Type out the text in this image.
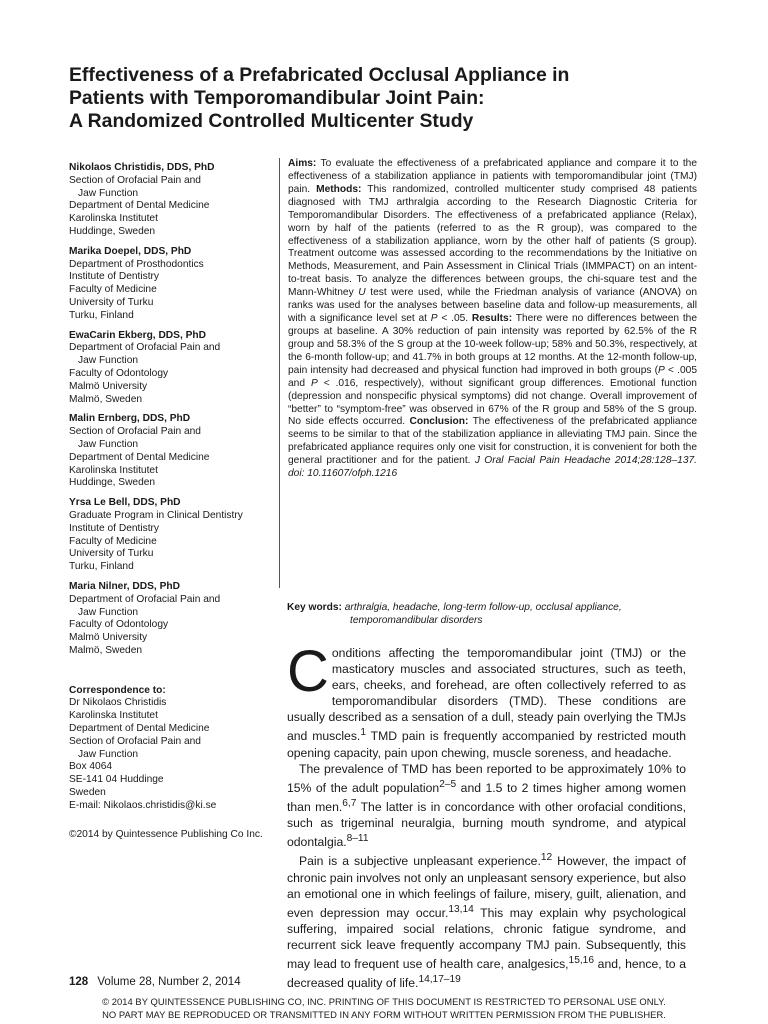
Effectiveness of a Prefabricated Occlusal Appliance in
Patients with Temporomandibular Joint Pain:
A Randomized Controlled Multicenter Study
Nikolaos Christidis, DDS, PhD
Section of Orofacial Pain and
Jaw Function
Department of Dental Medicine
Karolinska Institutet
Huddinge, Sweden
Marika Doepel, DDS, PhD
Department of Prosthodontics
Institute of Dentistry
Faculty of Medicine
University of Turku
Turku, Finland
EwaCarin Ekberg, DDS, PhD
Department of Orofacial Pain and
Jaw Function
Faculty of Odontology
Malmö University
Malmö, Sweden
Malin Ernberg, DDS, PhD
Section of Orofacial Pain and
Jaw Function
Department of Dental Medicine
Karolinska Institutet
Huddinge, Sweden
Yrsa Le Bell, DDS, PhD
Graduate Program in Clinical Dentistry
Institute of Dentistry
Faculty of Medicine
University of Turku
Turku, Finland
Maria Nilner, DDS, PhD
Department of Orofacial Pain and
Jaw Function
Faculty of Odontology
Malmö University
Malmö, Sweden
Correspondence to:
Dr Nikolaos Christidis
Karolinska Institutet
Department of Dental Medicine
Section of Orofacial Pain and
Jaw Function
Box 4064
SE-141 04 Huddinge
Sweden
E-mail: Nikolaos.christidis@ki.se
©2014 by Quintessence Publishing Co Inc.

Aims: To evaluate the effectiveness of a prefabricated appliance and compare it to the effectiveness of a stabilization appliance in patients with temporomandibular joint (TMJ) pain. Methods: This randomized, controlled multicenter study comprised 48 patients diagnosed with TMJ arthralgia according to the Research Diagnostic Criteria for Temporomandibular Disorders. The effectiveness of a prefabricated appliance (Relax), worn by half of the patients (referred to as the R group), was compared to the effectiveness of a stabilization appliance, worn by the other half of patients (S group). Treatment outcome was assessed according to the recommendations by the Initiative on Methods, Measurement, and Pain Assessment in Clinical Trials (IMMPACT) on an intent-to-treat basis. To analyze the differences between groups, the chi-square test and the Mann-Whitney U test were used, while the Friedman analysis of variance (ANOVA) on ranks was used for the analyses between baseline data and follow-up measurements, all with a significance level set at P < .05. Results: There were no differences between the groups at baseline. A 30% reduction of pain intensity was reported by 62.5% of the R group and 58.3% of the S group at the 10-week follow-up; 58% and 50.3%, respectively, at the 6-month follow-up; and 41.7% in both groups at 12 months. At the 12-month follow-up, pain intensity had decreased and physical function had improved in both groups (P < .005 and P < .016, respectively), without significant group differences. Emotional function (depression and nonspecific physical symptoms) did not change. Overall improvement of “better” to “symptom-free” was observed in 67% of the R group and 58% of the S group. No side effects occurred. Conclusion: The effectiveness of the prefabricated appliance seems to be similar to that of the stabilization appliance in alleviating TMJ pain. Since the prefabricated appliance requires only one visit for construction, it is convenient for both the general practitioner and for the patient. J Oral Facial Pain Headache 2014;28:128–137. doi: 10.11607/ofph.1216

Key words: arthralgia, headache, long-term follow-up, occlusal appliance,
temporomandibular disorders

Conditions affecting the temporomandibular joint (TMJ) or the masticatory muscles and associated structures, such as teeth, ears, cheeks, and forehead, are often collectively referred to as temporomandibular disorders (TMD). These conditions are usually described as a sensation of a dull, steady pain overlying the TMJs and muscles.$^1$ TMD pain is frequently accompanied by restricted mouth opening capacity, pain upon chewing, muscle soreness, and headache.

The prevalence of TMD has been reported to be approximately 10% to 15% of the adult population$^{2-5}$ and 1.5 to 2 times higher among women than men.$^{6,7}$ The latter is in concordance with other orofacial conditions, such as trigeminal neuralgia, burning mouth syndrome, and atypical odontalgia.$^{8-11}$

Pain is a subjective unpleasant experience.$^{12}$ However, the impact of chronic pain involves not only an unpleasant sensory experience, but also an emotional one in which feelings of failure, misery, guilt, alienation, and even depression may occur.$^{13,14}$ This may explain why psychological suffering, impaired social relations, chronic fatigue syndrome, and recurrent sick leave frequently accompany TMJ pain. Subsequently, this may lead to frequent use of health care, analgesics,$^{15,16}$ and, hence, to a decreased quality of life.$^{14,17-19}$

128 Volume 28, Number 2, 2014
© 2014 BY QUINTESSENCE PUBLISHING CO, INC. PRINTING OF THIS DOCUMENT IS RESTRICTED TO PERSONAL USE ONLY.
NO PART MAY BE REPRODUCED OR TRANSMITTED IN ANY FORM WITHOUT WRITTEN PERMISSION FROM THE PUBLISHER.
